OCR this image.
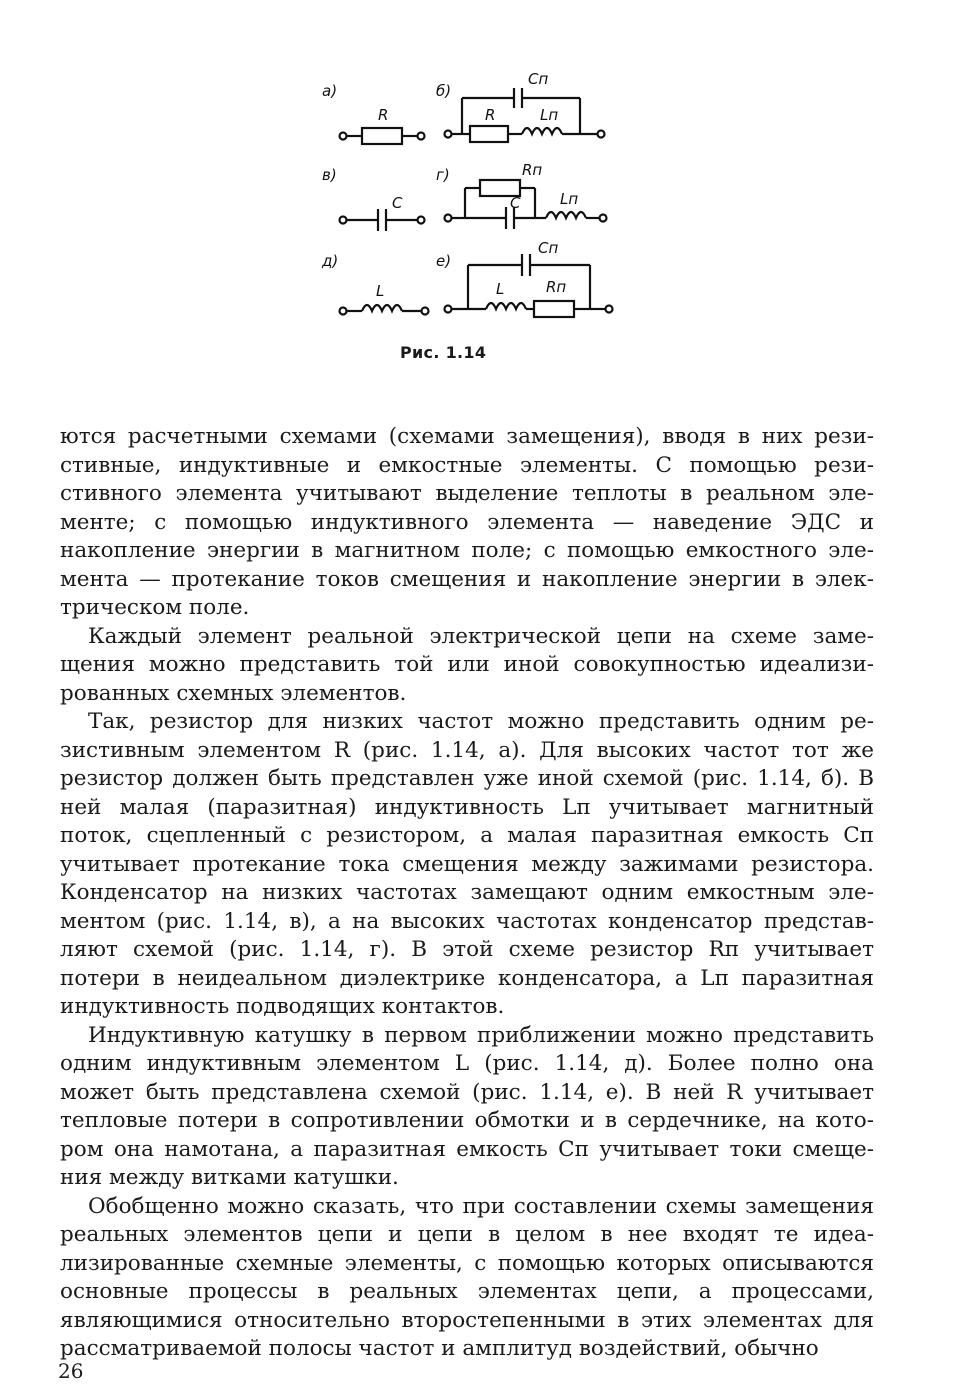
а)	б)
в)	г)
д)	е)
R
Cп
R	Lп
C
Rп
C	Lп
L
Cп
L	Rп
Рис. 1.14

ются расчетными схемами (схемами замещения), вводя в них резистивные, индуктивные и емкостные элементы. С помощью резистивного элемента учитывают выделение теплоты в реальном элементе; с помощью индуктивного элемента — наведение ЭДС и накопление энергии в магнитном поле; с помощью емкостного элемента — протекание токов смещения и накопление энергии в электрическом поле.

Каждый элемент реальной электрической цепи на схеме замещения можно представить той или иной совокупностью идеализированных схемных элементов.

Так, резистор для низких частот можно представить одним резистивным элементом R (рис. 1.14, а). Для высоких частот тот же резистор должен быть представлен уже иной схемой (рис. 1.14, б). В ней малая (паразитная) индуктивность Lп учитывает магнитный поток, сцепленный с резистором, а малая паразитная емкость Cп учитывает протекание тока смещения между зажимами резистора. Конденсатор на низких частотах замещают одним емкостным элементом (рис. 1.14, в), а на высоких частотах конденсатор представляют схемой (рис. 1.14, г). В этой схеме резистор Rп учитывает потери в неидеальном диэлектрике конденсатора, а Lп паразитная индуктивность подводящих контактов.

Индуктивную катушку в первом приближении можно представить одним индуктивным элементом L (рис. 1.14, д). Более полно она может быть представлена схемой (рис. 1.14, е). В ней R учитывает тепловые потери в сопротивлении обмотки и в сердечнике, на котором она намотана, а паразитная емкость Cп учитывает токи смещения между витками катушки.

Обобщенно можно сказать, что при составлении схемы замещения реальных элементов цепи и цепи в целом в нее входят те идеализированные схемные элементы, с помощью которых описываются основные процессы в реальных элементах цепи, а процессами, являющимися относительно второстепенными в этих элементах для рассматриваемой полосы частот и амплитуд воздействий, обычно

26
